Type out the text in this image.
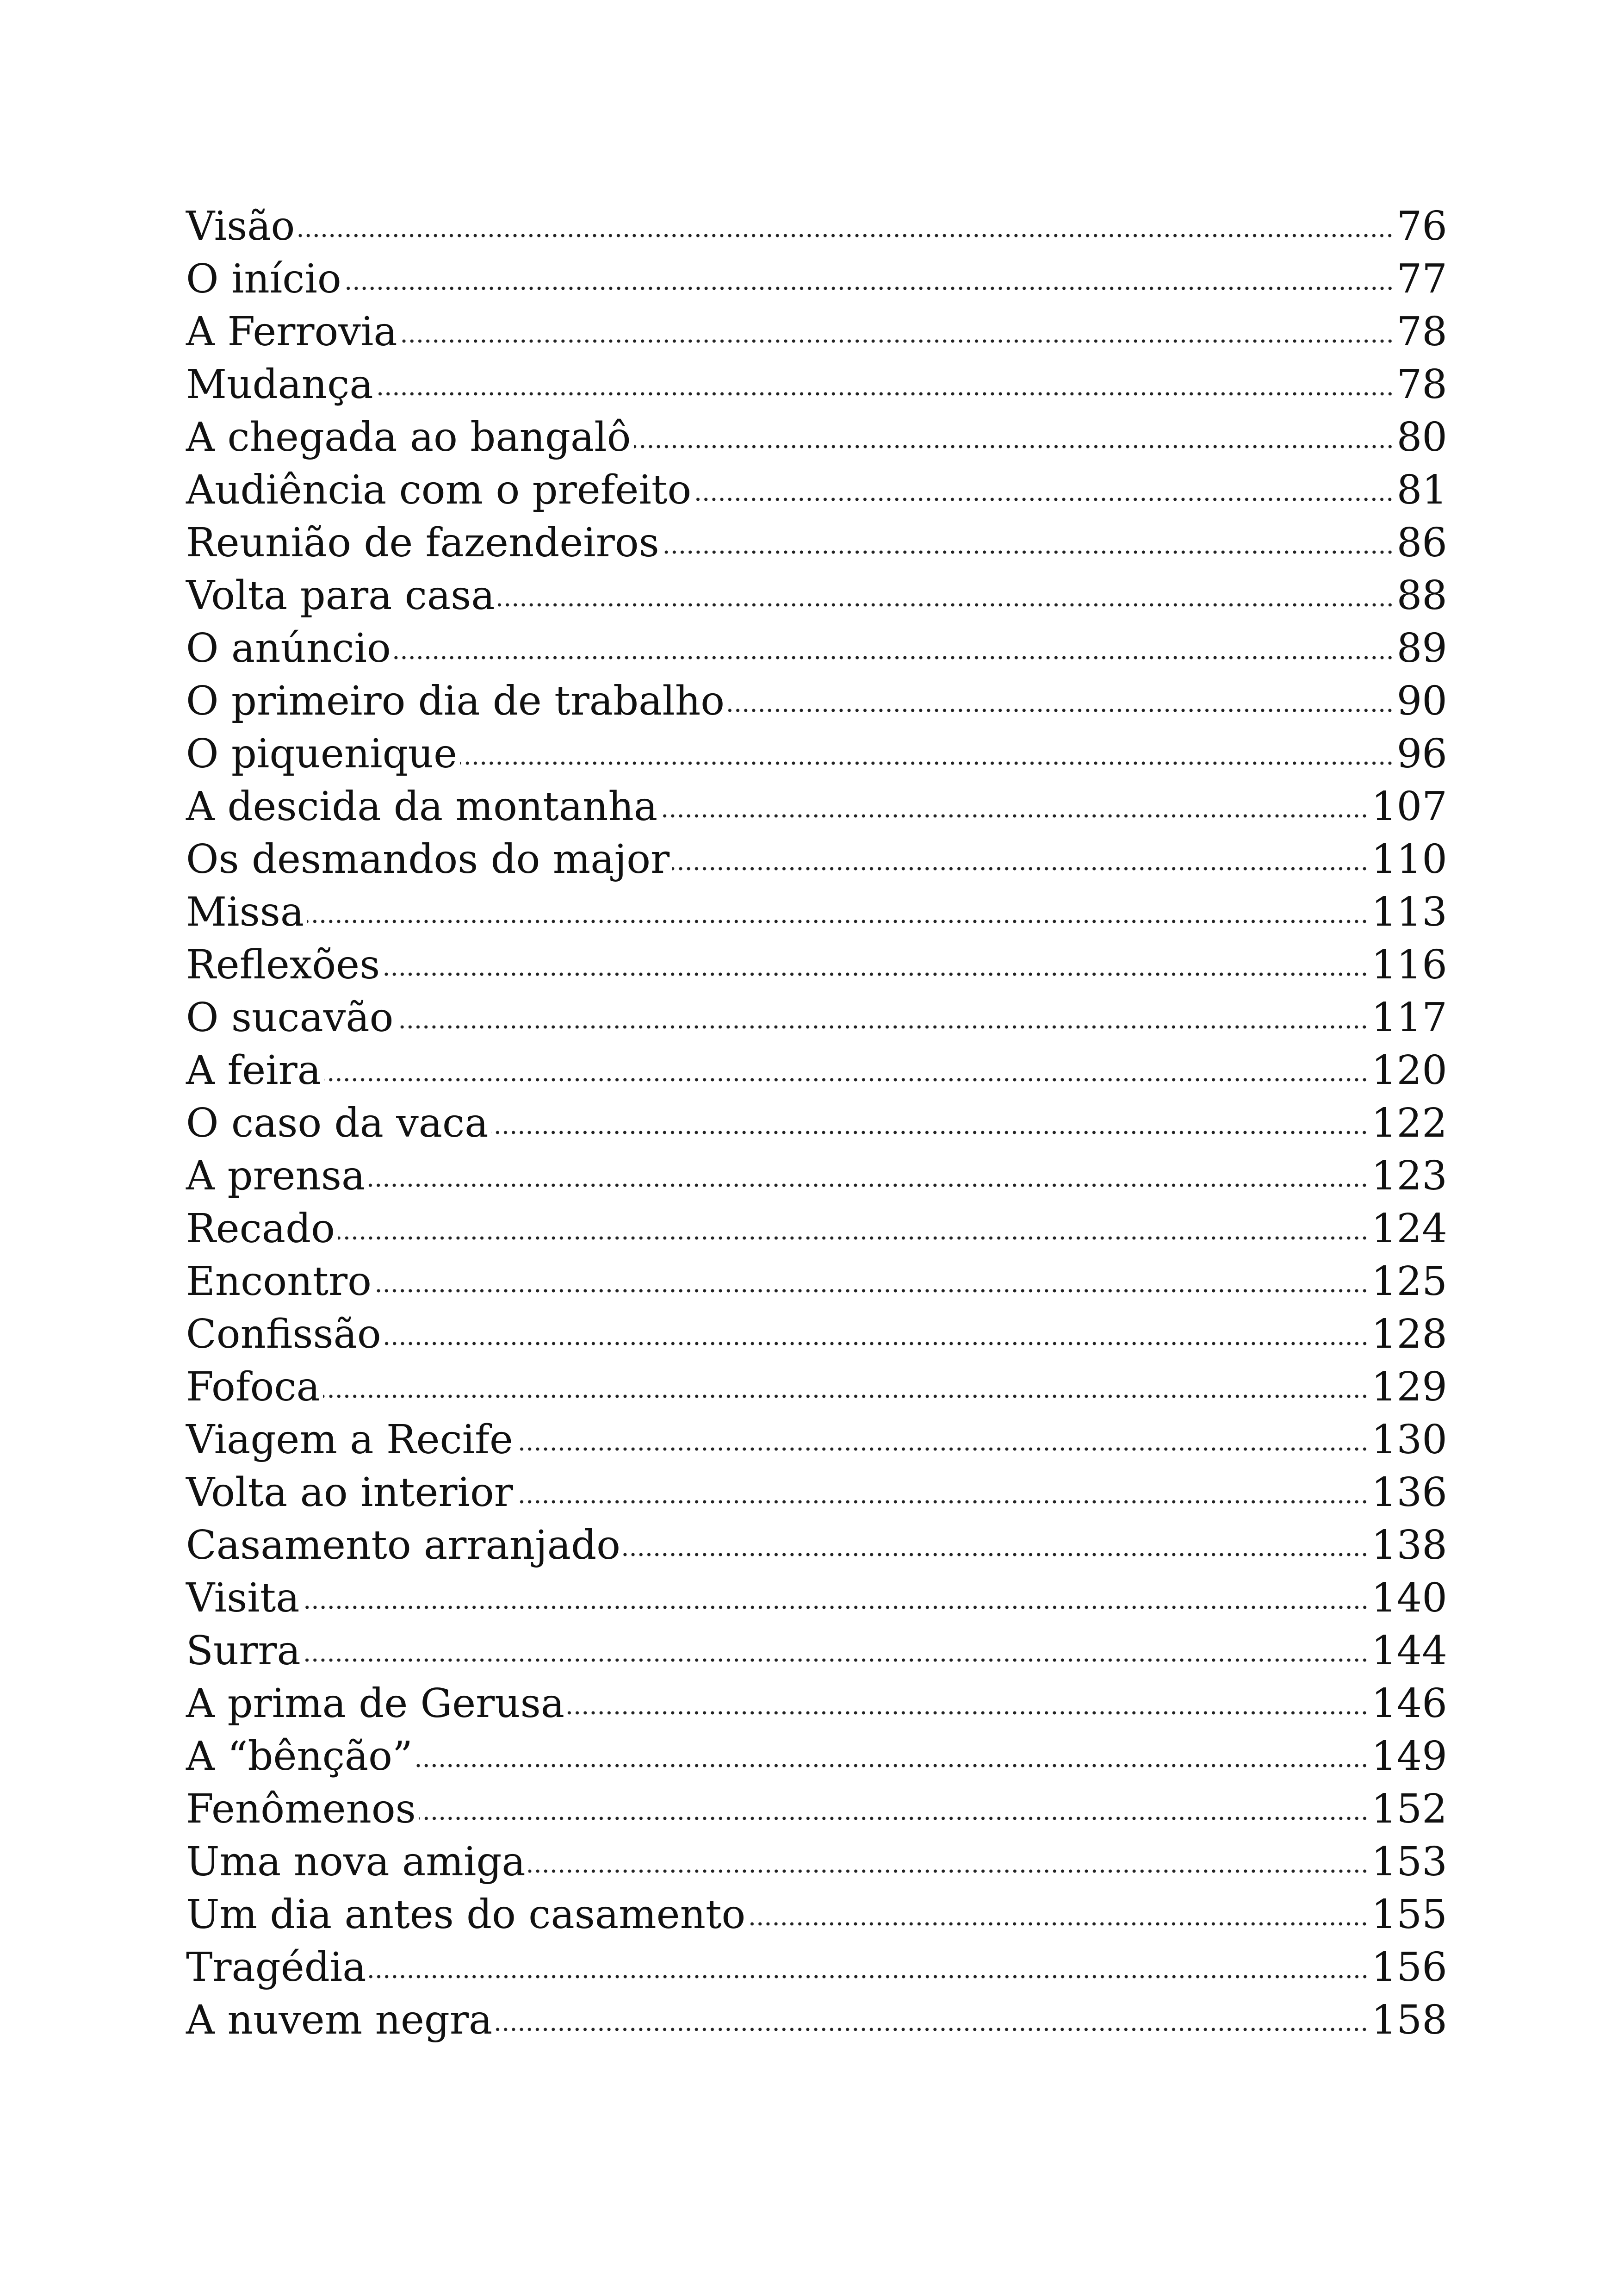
Visão	76
O início	77
A Ferrovia	78
Mudança	78
A chegada ao bangalô	80
Audiência com o prefeito	81
Reunião de fazendeiros	86
Volta para casa	88
O anúncio	89
O primeiro dia de trabalho	90
O piquenique	96
A descida da montanha	107
Os desmandos do major	110
Missa	113
Reflexões	116
O sucavão	117
A feira	120
O caso da vaca	122
A prensa	123
Recado	124
Encontro	125
Confissão	128
Fofoca	129
Viagem a Recife	130
Volta ao interior	136
Casamento arranjado	138
Visita	140
Surra	144
A prima de Gerusa	146
A “bênção”	149
Fenômenos	152
Uma nova amiga	153
Um dia antes do casamento	155
Tragédia	156
A nuvem negra	158
